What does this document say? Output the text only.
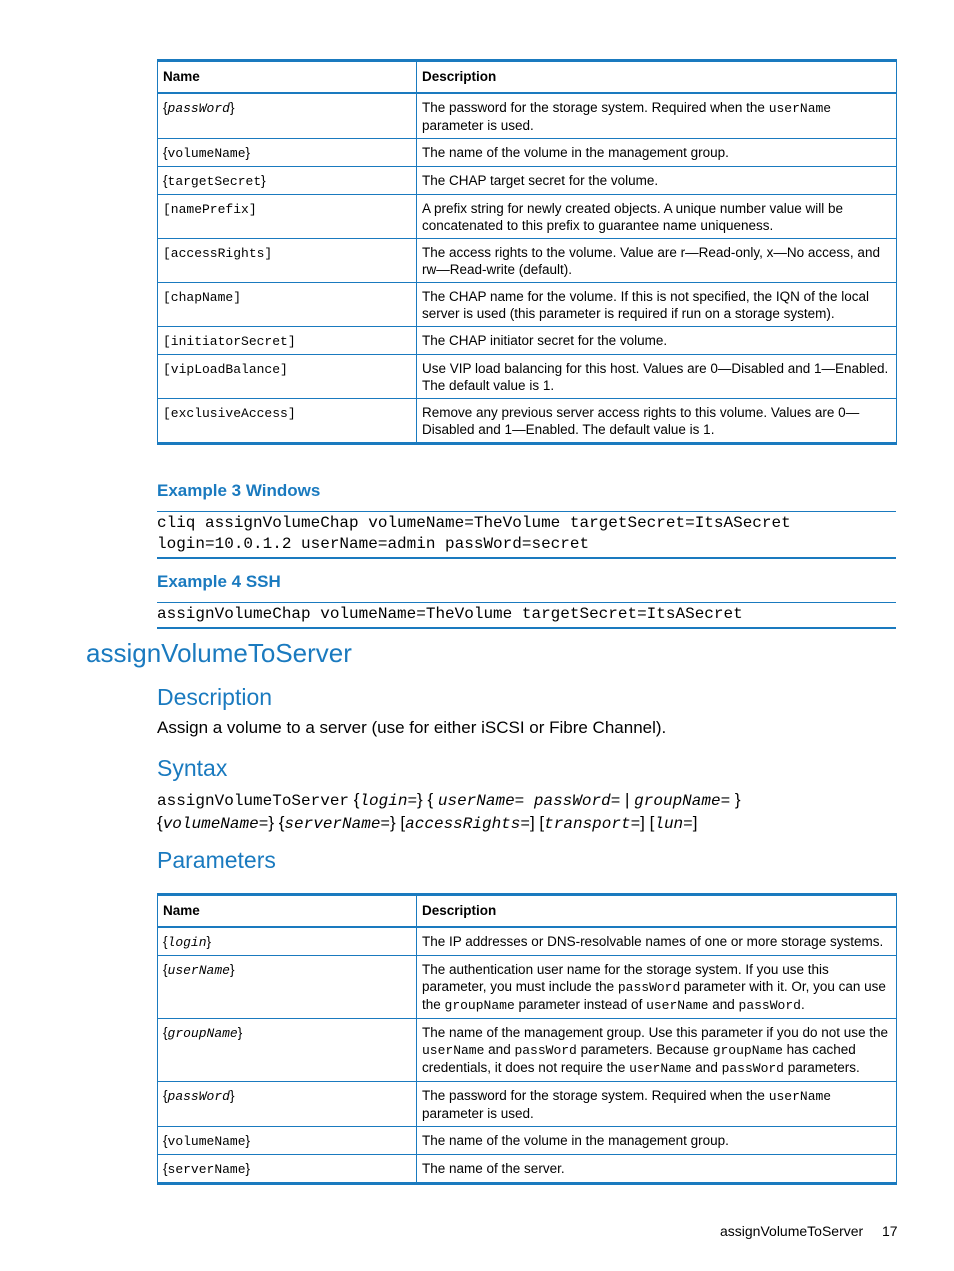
Name	Description
{passWord}	The password for the storage system. Required when the userName parameter is used.
{volumeName}	The name of the volume in the management group.
{targetSecret}	The CHAP target secret for the volume.
[namePrefix]	A prefix string for newly created objects. A unique number value will be concatenated to this prefix to guarantee name uniqueness.
[accessRights]	The access rights to the volume. Value are r—Read-only, x—No access, and rw—Read-write (default).
[chapName]	The CHAP name for the volume. If this is not specified, the IQN of the local server is used (this parameter is required if run on a storage system).
[initiatorSecret]	The CHAP initiator secret for the volume.
[vipLoadBalance]	Use VIP load balancing for this host. Values are 0—Disabled and 1—Enabled. The default value is 1.
[exclusiveAccess]	Remove any previous server access rights to this volume. Values are 0—Disabled and 1—Enabled. The default value is 1.
Example 3 Windows
cliq assignVolumeChap volumeName=TheVolume targetSecret=ItsASecret
login=10.0.1.2 userName=admin passWord=secret
Example 4 SSH
assignVolumeChap volumeName=TheVolume targetSecret=ItsASecret
assignVolumeToServer
Description
Assign a volume to a server (use for either iSCSI or Fibre Channel).
Syntax
assignVolumeToServer {login=} { userName= passWord= | groupName= }
{volumeName=} {serverName=} [accessRights=] [transport=] [lun=]
Parameters
Name	Description
{login}	The IP addresses or DNS-resolvable names of one or more storage systems.
{userName}	The authentication user name for the storage system. If you use this parameter, you must include the passWord parameter with it. Or, you can use the groupName parameter instead of userName and passWord.
{groupName}	The name of the management group. Use this parameter if you do not use the userName and passWord parameters. Because groupName has cached credentials, it does not require the userName and passWord parameters.
{passWord}	The password for the storage system. Required when the userName parameter is used.
{volumeName}	The name of the volume in the management group.
{serverName}	The name of the server.
assignVolumeToServer 17
